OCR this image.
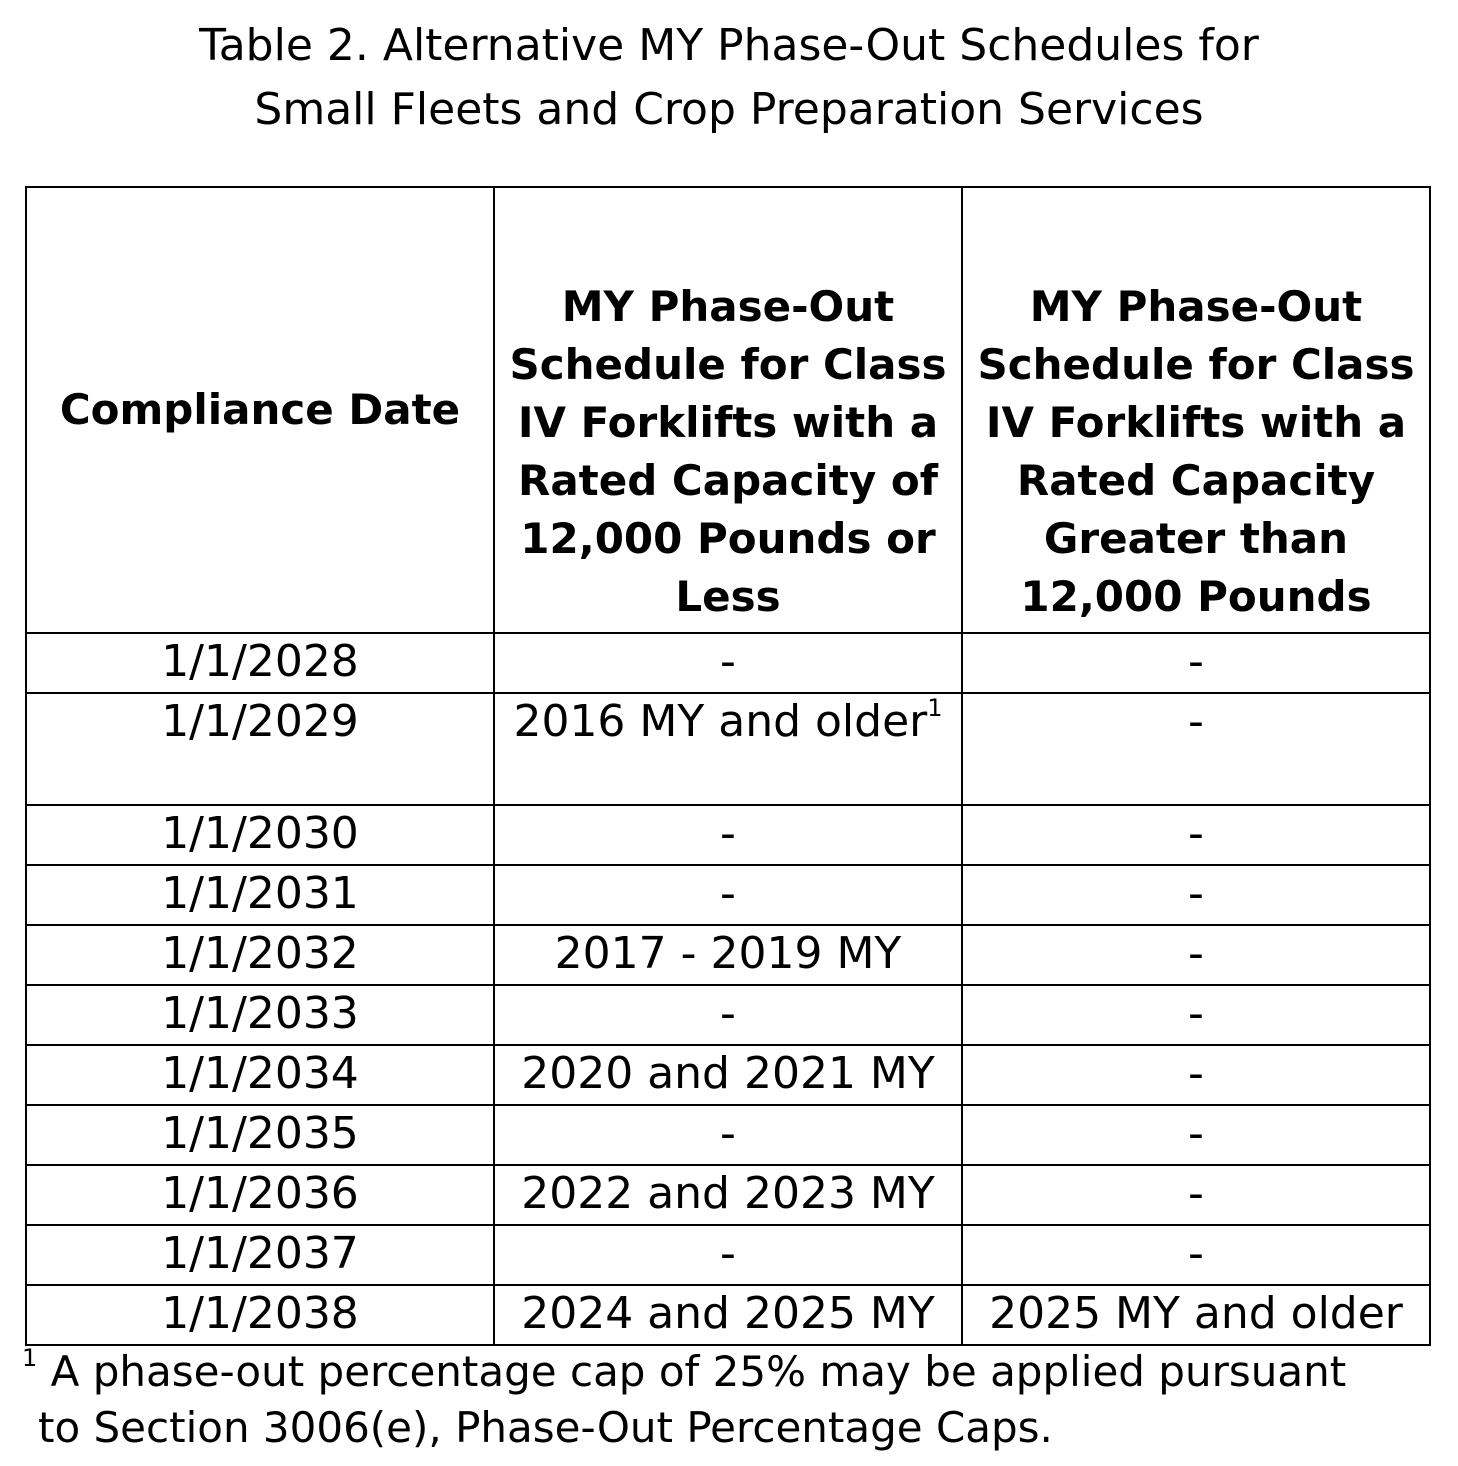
Table 2. Alternative MY Phase-Out Schedules for
Small Fleets and Crop Preparation Services
Compliance Date	MY Phase-Out Schedule for Class IV Forklifts with a Rated Capacity of 12,000 Pounds or Less	MY Phase-Out Schedule for Class IV Forklifts with a Rated Capacity Greater than 12,000 Pounds
1/1/2028	-	-
1/1/2029	2016 MY and older$^1$	-
1/1/2030	-	-
1/1/2031	-	-
1/1/2032	2017 - 2019 MY	-
1/1/2033	-	-
1/1/2034	2020 and 2021 MY	-
1/1/2035	-	-
1/1/2036	2022 and 2023 MY	-
1/1/2037	-	-
1/1/2038	2024 and 2025 MY	2025 MY and older

$^1$ A phase-out percentage cap of 25% may be applied pursuant
to Section 3006(e), Phase-Out Percentage Caps.
